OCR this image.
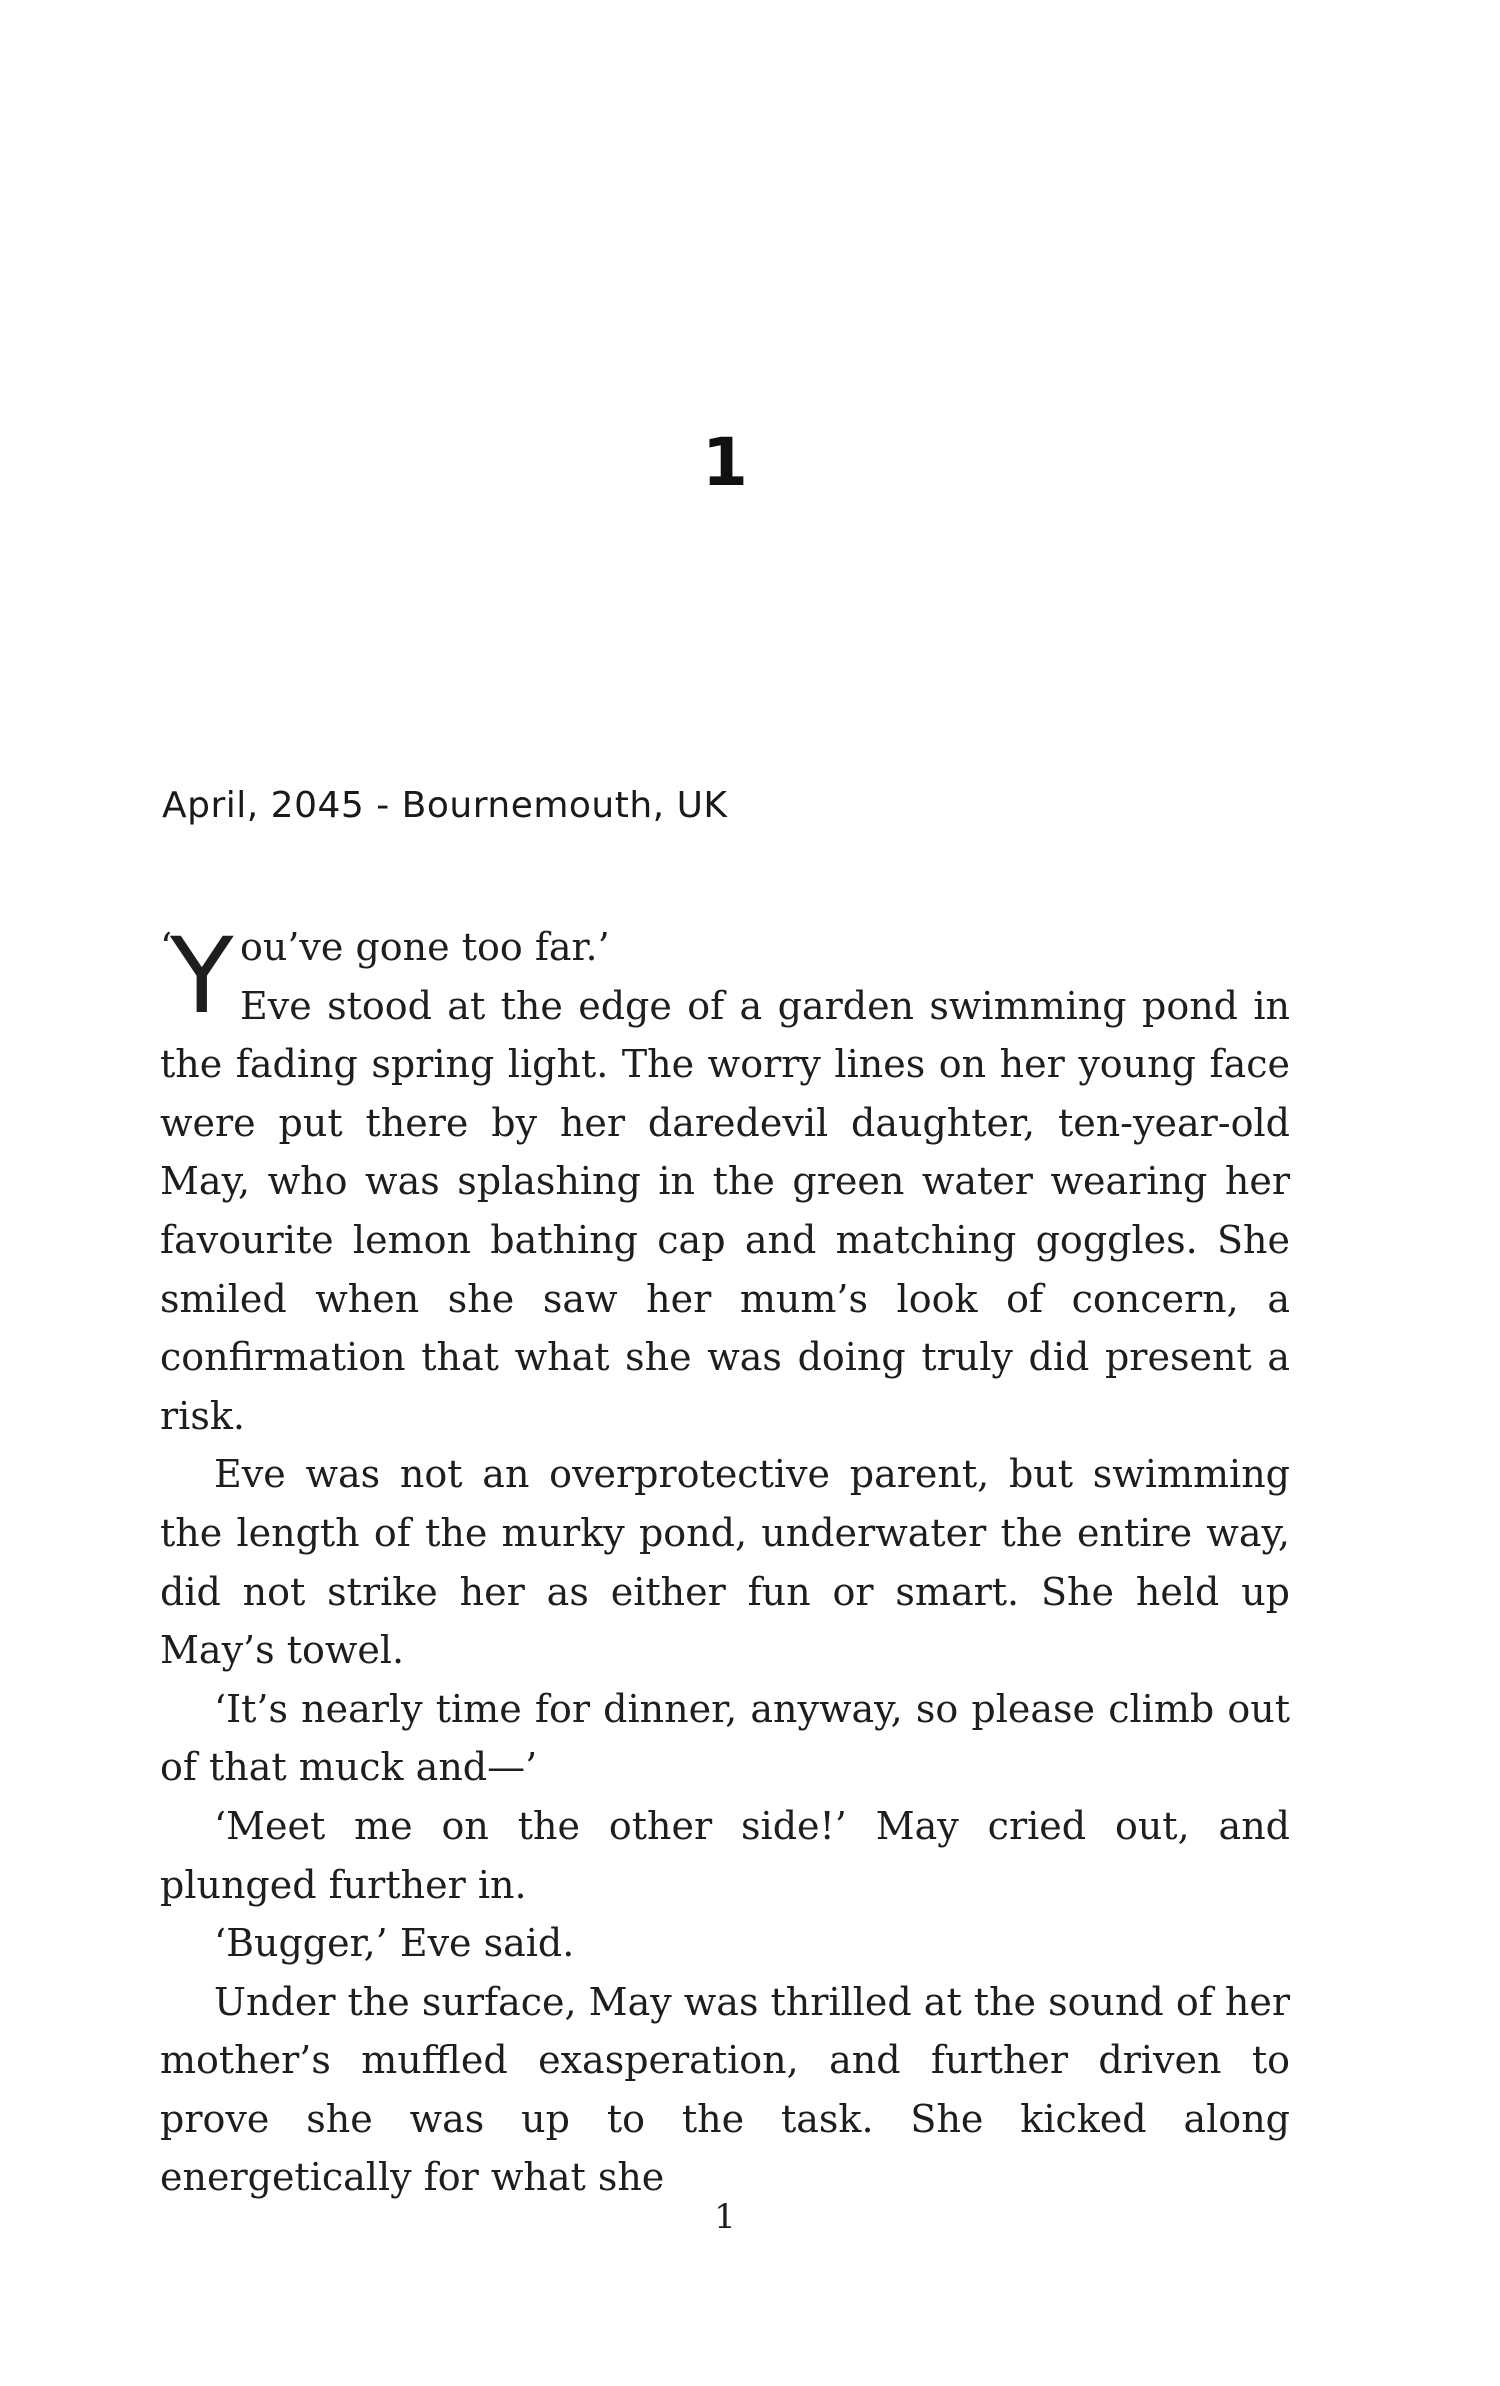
1
April, 2045 - Bournemouth, UK
‘
Y ou’ve gone too far.’

Eve stood at the edge of a garden swimming pond in the fading spring light. The worry lines on her young face were put there by her daredevil daughter, ten-year-old May, who was splashing in the green water wearing her favourite lemon bathing cap and matching goggles. She smiled when she saw her mum’s look of concern, a confirmation that what she was doing truly did present a risk.

Eve was not an overprotective parent, but swimming the length of the murky pond, underwater the entire way, did not strike her as either fun or smart. She held up May’s towel.

‘It’s nearly time for dinner, anyway, so please climb out of that muck and—’

‘Meet me on the other side!’ May cried out, and plunged further in.

‘Bugger,’ Eve said.

Under the surface, May was thrilled at the sound of her mother’s muffled exasperation, and further driven to prove she was up to the task. She kicked along energetically for what she

1
